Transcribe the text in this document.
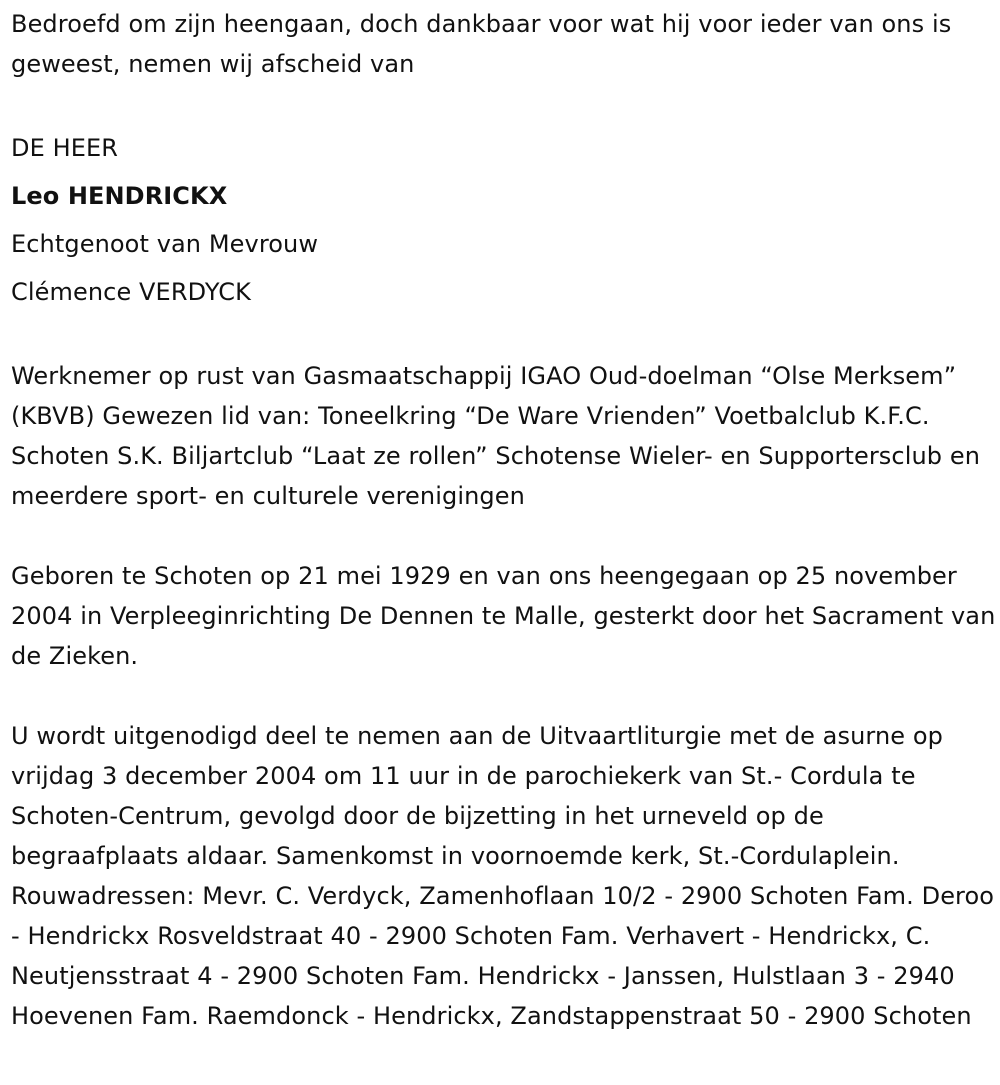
Bedroefd om zijn heengaan, doch dankbaar voor wat hij voor ieder van ons is geweest, nemen wij afscheid van

DE HEER
Leo HENDRICKX
Echtgenoot van Mevrouw
Clémence VERDYCK

Werknemer op rust van Gasmaatschappij IGAO Oud-doelman “Olse Merksem” (KBVB) Gewezen lid van: Toneelkring “De Ware Vrienden” Voetbalclub K.F.C. Schoten S.K. Biljartclub “Laat ze rollen” Schotense Wieler- en Supportersclub en meerdere sport- en culturele verenigingen

Geboren te Schoten op 21 mei 1929 en van ons heengegaan op 25 november 2004 in Verpleeginrichting De Dennen te Malle, gesterkt door het Sacrament van de Zieken.

U wordt uitgenodigd deel te nemen aan de Uitvaartliturgie met de asurne op vrijdag 3 december 2004 om 11 uur in de parochiekerk van St.- Cordula te Schoten-Centrum, gevolgd door de bijzetting in het urneveld op de begraafplaats aldaar. Samenkomst in voornoemde kerk, St.-Cordulaplein. Rouwadressen: Mevr. C. Verdyck, Zamenhoflaan 10/2 - 2900 Schoten Fam. Deroo - Hendrickx Rosveldstraat 40 - 2900 Schoten Fam. Verhavert - Hendrickx, C. Neutjensstraat 4 - 2900 Schoten Fam. Hendrickx - Janssen, Hulstlaan 3 - 2940 Hoevenen Fam. Raemdonck - Hendrickx, Zandstappenstraat 50 - 2900 Schoten
